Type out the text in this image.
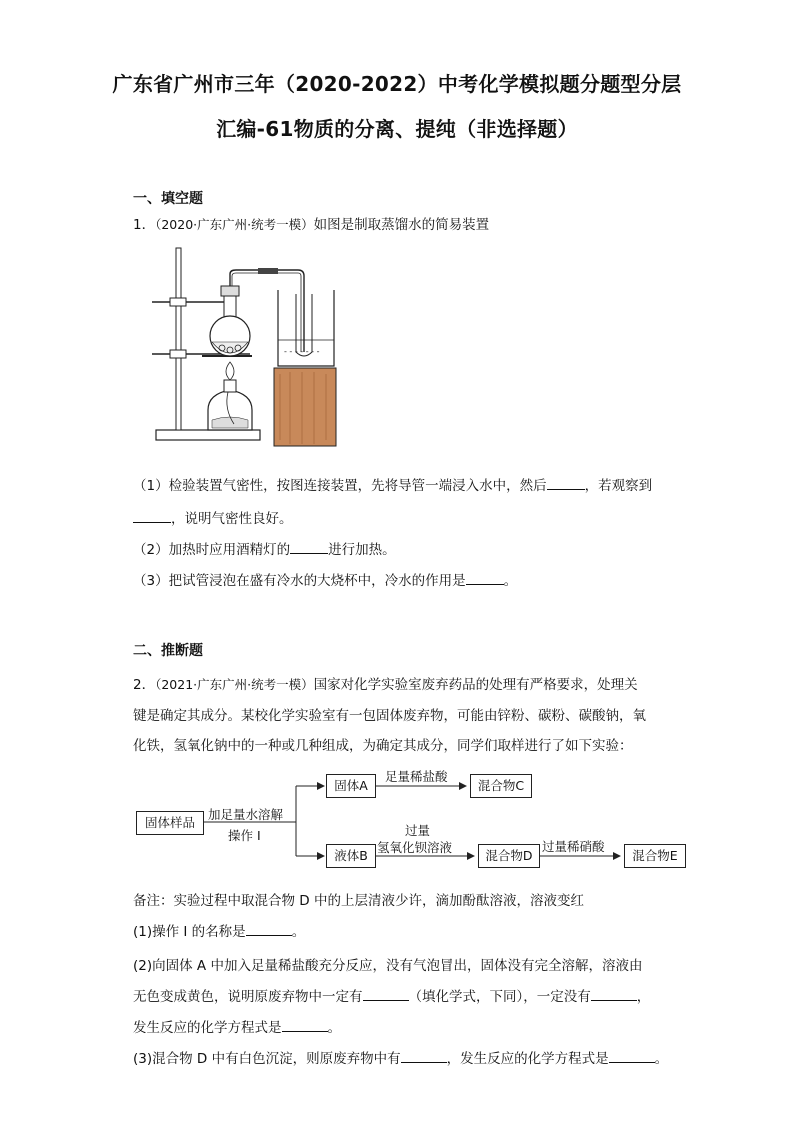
广东省广州市三年（2020-2022）中考化学模拟题分题型分层
汇编-61物质的分离、提纯（非选择题）
一、填空题
1．（2020·广东广州·统考一模）如图是制取蒸馏水的简易装置
- - - - - - -
（1）检验装置气密性，按图连接装置，先将导管一端浸入水中，然后	，若观察到
，说明气密性良好。
（2）加热时应用酒精灯的	进行加热。
（3）把试管浸泡在盛有冷水的大烧杯中，冷水的作用是	。
二、推断题
2．（2021·广东广州·统考一模）国家对化学实验室废弃药品的处理有严格要求，处理关
键是确定其成分。某校化学实验室有一包固体废弃物，可能由锌粉、碳粉、碳酸钠，氧
化铁，氢氧化钠中的一种或几种组成，为确定其成分，同学们取样进行了如下实验：
固体样品
加足量水溶解
操作 I
固体A
足量稀盐酸
混合物C
液体B
过量
氢氧化钡溶液
混合物D
过量稀硝酸
混合物E
备注：实验过程中取混合物 D 中的上层清液少许，滴加酚酞溶液，溶液变红
(1)操作 I 的名称是	。
(2)向固体 A 中加入足量稀盐酸充分反应，没有气泡冒出，固体没有完全溶解，溶液由
无色变成黄色，说明原废弃物中一定有	（填化学式，下同），一定没有	，
发生反应的化学方程式是	。
(3)混合物 D 中有白色沉淀，则原废弃物中有	，发生反应的化学方程式是	。
